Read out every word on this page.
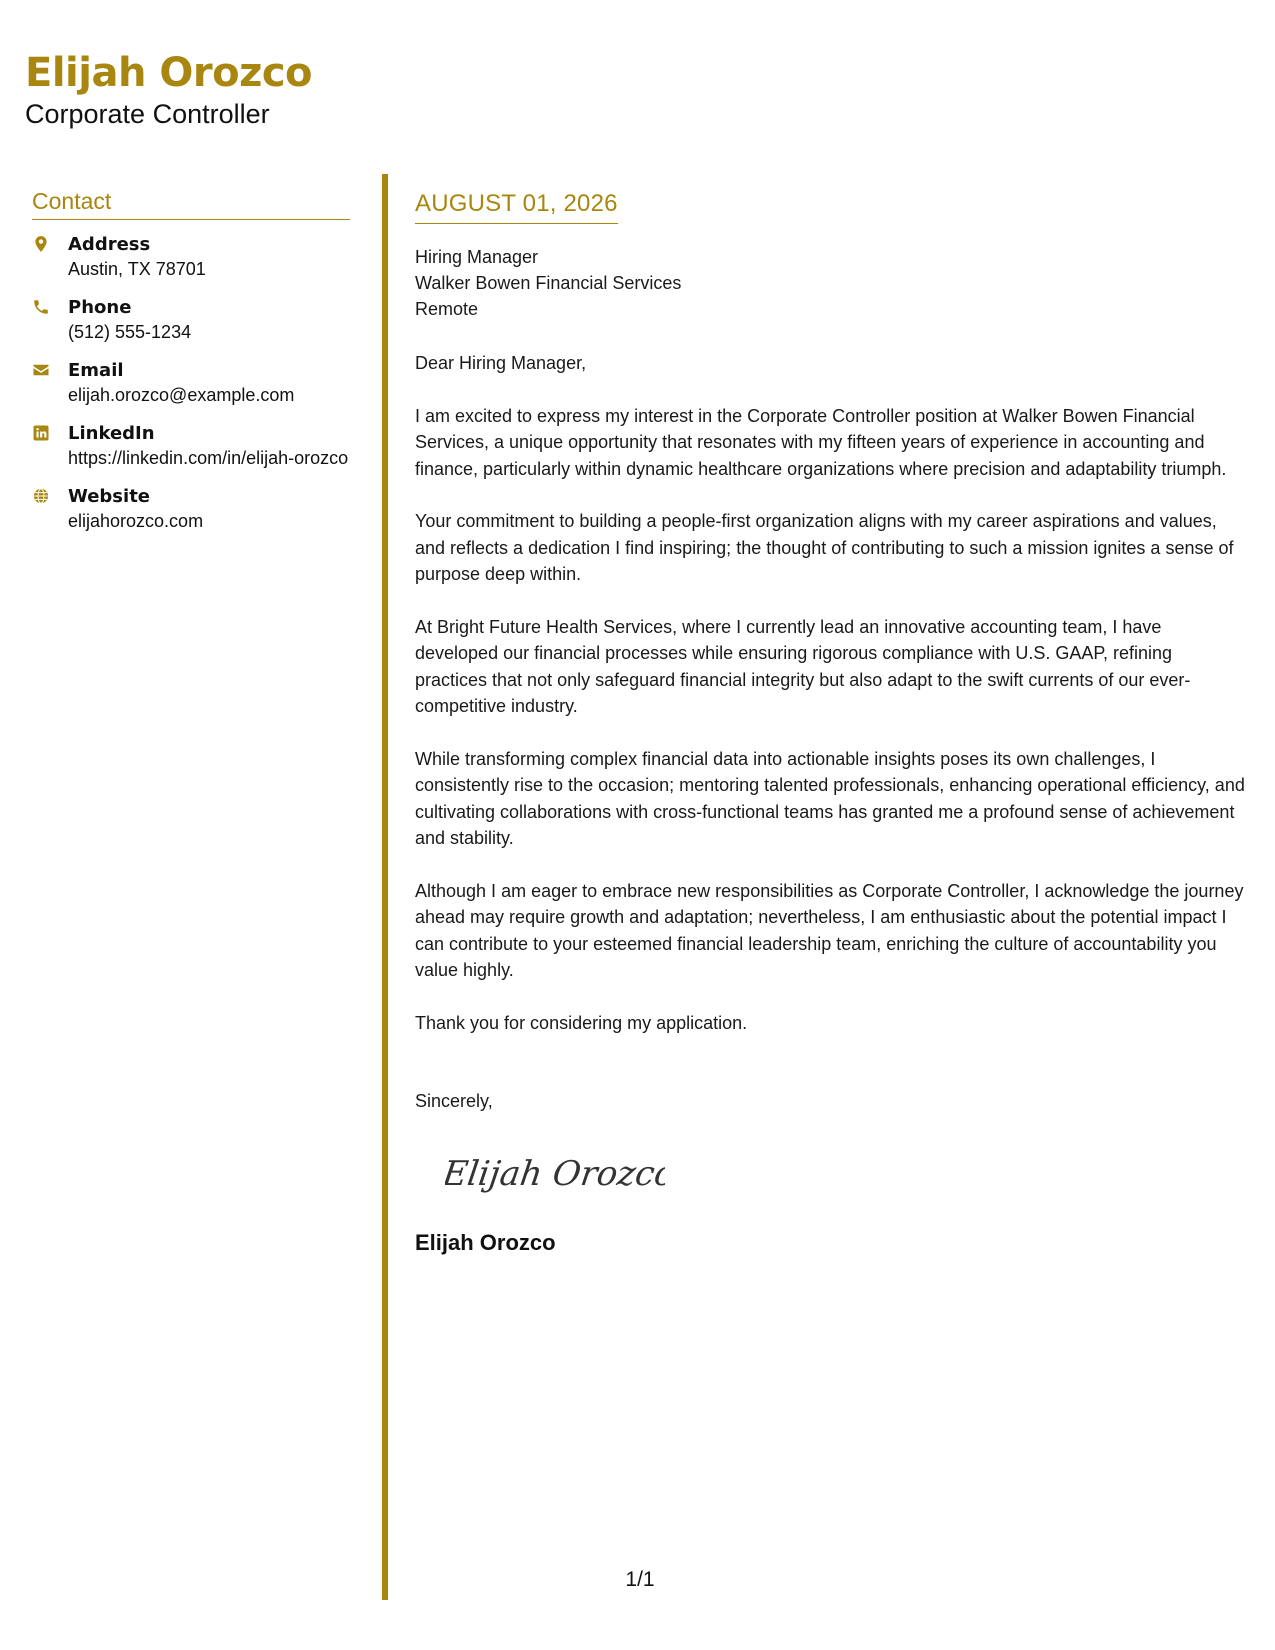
Elijah Orozco
Corporate Controller
Contact
Address
Austin, TX 78701
Phone
(512) 555-1234
Email
elijah.orozco@example.com
LinkedIn
https://linkedin.com/in/elijah-orozco
Website
elijahorozco.com
AUGUST 01, 2026
Hiring Manager
Walker Bowen Financial Services
Remote

Dear Hiring Manager,

I am excited to express my interest in the Corporate Controller position at Walker Bowen Financial Services, a unique opportunity that resonates with my fifteen years of experience in accounting and finance, particularly within dynamic healthcare organizations where precision and adaptability triumph.

Your commitment to building a people-first organization aligns with my career aspirations and values, and reflects a dedication I find inspiring; the thought of contributing to such a mission ignites a sense of purpose deep within.

At Bright Future Health Services, where I currently lead an innovative accounting team, I have developed our financial processes while ensuring rigorous compliance with U.S. GAAP, refining practices that not only safeguard financial integrity but also adapt to the swift currents of our ever-competitive industry.

While transforming complex financial data into actionable insights poses its own challenges, I consistently rise to the occasion; mentoring talented professionals, enhancing operational efficiency, and cultivating collaborations with cross-functional teams has granted me a profound sense of achievement and stability.

Although I am eager to embrace new responsibilities as Corporate Controller, I acknowledge the journey ahead may require growth and adaptation; nevertheless, I am enthusiastic about the potential impact I can contribute to your esteemed financial leadership team, enriching the culture of accountability you value highly.

Thank you for considering my application.

Sincerely,

Elijah Orozco
Elijah Orozco
1/1
